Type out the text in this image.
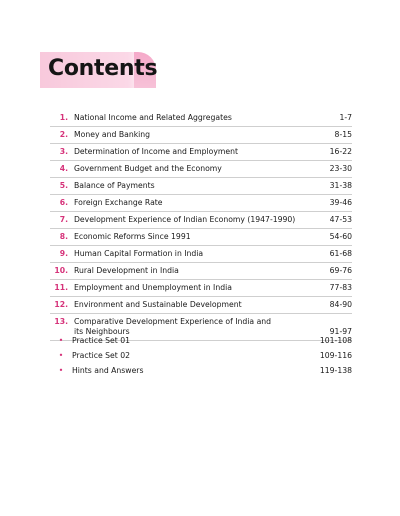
Contents
1. National Income and Related Aggregates	1-7
2. Money and Banking	8-15
3. Determination of Income and Employment	16-22
4. Government Budget and the Economy	23-30
5. Balance of Payments	31-38
6. Foreign Exchange Rate	39-46
7. Development Experience of Indian Economy (1947-1990)	47-53
8. Economic Reforms Since 1991	54-60
9. Human Capital Formation in India	61-68
10. Rural Development in India	69-76
11. Employment and Unemployment in India	77-83
12. Environment and Sustainable Development	84-90
13. Comparative Development Experience of India and
its Neighbours	91-97
•	Practice Set 01	101-108
•	Practice Set 02	109-116
•	Hints and Answers	119-138
